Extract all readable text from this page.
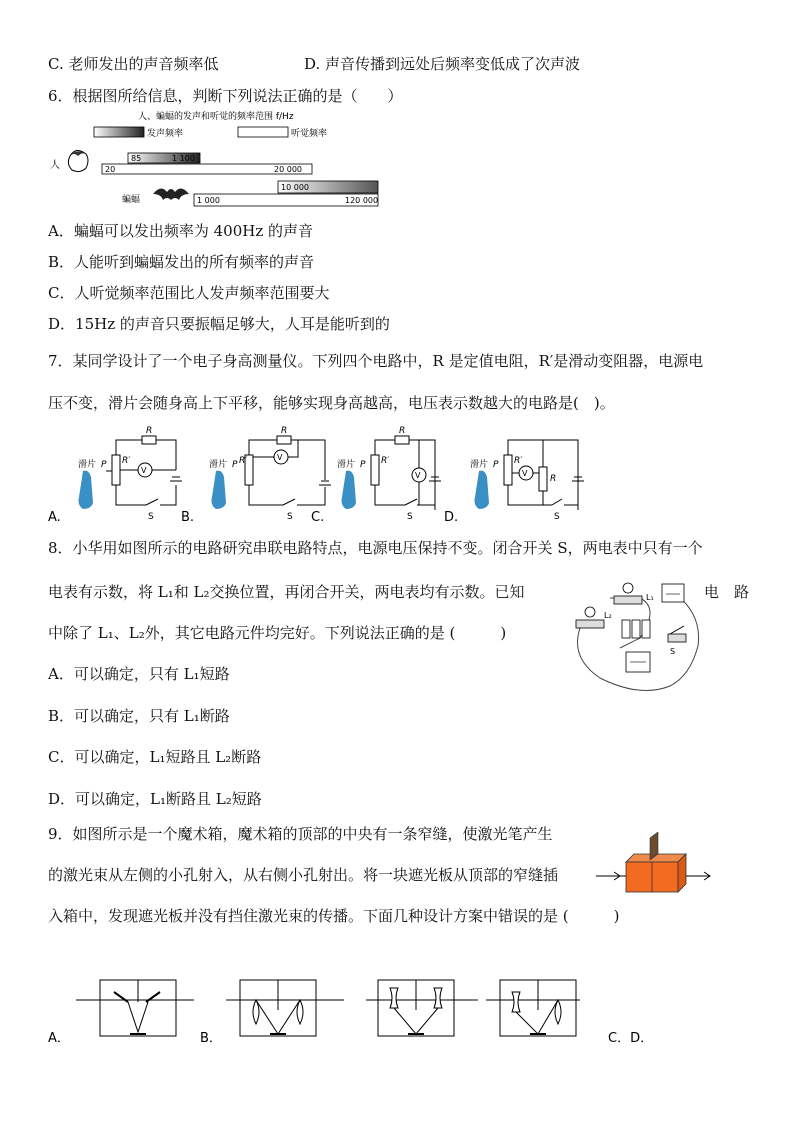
C. 老师发出的声音频率低	D. 声音传播到远处后频率变低成了次声波
6．根据图所给信息，判断下列说法正确的是（　　）
人、蝙蝠的发声和听觉的频率范围 f/Hz
发声频率	听觉频率
人
85	1 100
20	20 000
10 000
蝙蝠	1 000	120 000
A．蝙蝠可以发出频率为 400Hz 的声音
B．人能听到蝙蝠发出的所有频率的声音
C．人听觉频率范围比人发声频率范围要大
D．15Hz 的声音只要振幅足够大，人耳是能听到的
7．某同学设计了一个电子身高测量仪。下列四个电路中，R 是定值电阻，R′是滑动变阻器，电源电
压不变，滑片会随身高上下平移，能够实现身高越高，电压表示数越大的电路是(　)。
A.
滑片 P R′
R
V
S B.
滑片 P R′
R
V
S C.
滑片 P R′
R
V
S D.
滑片 P R′
V
R
S
8．小华用如图所示的电路研究串联电路特点，电源电压保持不变。闭合开关 S，两电表中只有一个
电表有示数，将 L₁和 L₂交换位置，再闭合开关，两电表均有示数。已知	电　路
中除了 L₁、L₂外，其它电路元件均完好。下列说法正确的是 (　　　)
L₁
L₂
S
A．可以确定，只有 L₁短路
B．可以确定，只有 L₁断路
C．可以确定，L₁短路且 L₂断路
D．可以确定，L₁断路且 L₂短路
9．如图所示是一个魔术箱，魔术箱的顶部的中央有一条窄缝，使激光笔产生
的激光束从左侧的小孔射入，从右侧小孔射出。将一块遮光板从顶部的窄缝插
入箱中，发现遮光板并没有挡住激光束的传播。下面几种设计方案中错误的是 (　　　)
A．	B．	C．D．
